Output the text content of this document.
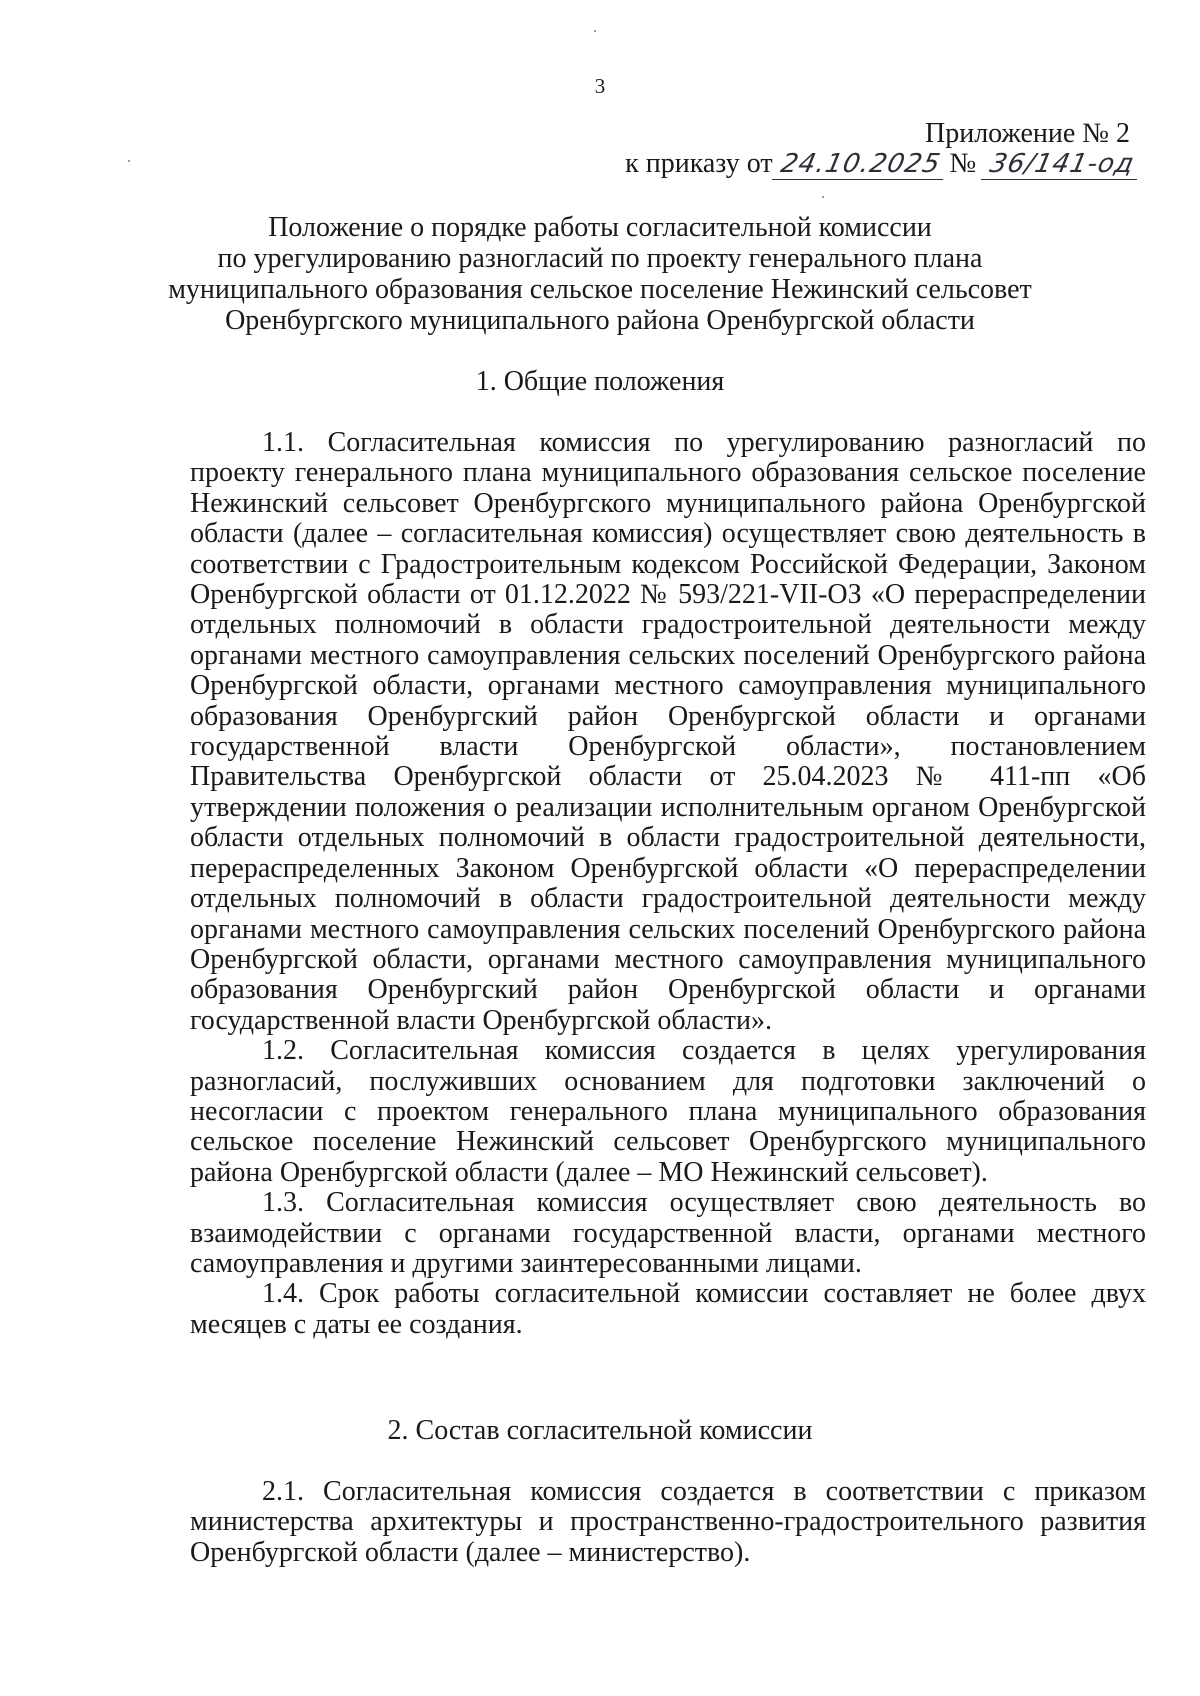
3
Приложение № 2
к приказу от 24.10.2025 № 36/141-од
Положение о порядке работы согласительной комиссии
по урегулированию разногласий по проекту генерального плана
муниципального образования сельское поселение Нежинский сельсовет
Оренбургского муниципального района Оренбургской области
1. Общие положения

1.1. Согласительная комиссия по урегулированию разногласий по проекту генерального плана муниципального образования сельское поселение Нежинский сельсовет Оренбургского муниципального района Оренбургской области (далее – согласительная комиссия) осуществляет свою деятельность в соответствии с Градостроительным кодексом Российской Федерации, Законом Оренбургской области от 01.12.2022 № 593/221-VII-ОЗ «О перераспределении отдельных полномочий в области градостроительной деятельности между органами местного самоуправления сельских поселений Оренбургского района Оренбургской области, органами местного самоуправления муниципального образования Оренбургский район Оренбургской области и органами государственной власти Оренбургской области», постановлением Правительства Оренбургской области от 25.04.2023 № 411-пп «Об утверждении положения о реализации исполнительным органом Оренбургской области отдельных полномочий в области градостроительной деятельности, перераспределенных Законом Оренбургской области «О перераспределении отдельных полномочий в области градостроительной деятельности между органами местного самоуправления сельских поселений Оренбургского района Оренбургской области, органами местного самоуправления муниципального образования Оренбургский район Оренбургской области и органами государственной власти Оренбургской области».

1.2. Согласительная комиссия создается в целях урегулирования разногласий, послуживших основанием для подготовки заключений о несогласии с проектом генерального плана муниципального образования сельское поселение Нежинский сельсовет Оренбургского муниципального района Оренбургской области (далее – МО Нежинский сельсовет).

1.3. Согласительная комиссия осуществляет свою деятельность во взаимодействии с органами государственной власти, органами местного самоуправления и другими заинтересованными лицами.

1.4. Срок работы согласительной комиссии составляет не более двух месяцев с даты ее создания.

2. Состав согласительной комиссии

2.1. Согласительная комиссия создается в соответствии с приказом министерства архитектуры и пространственно-градостроительного развития Оренбургской области (далее – министерство).
